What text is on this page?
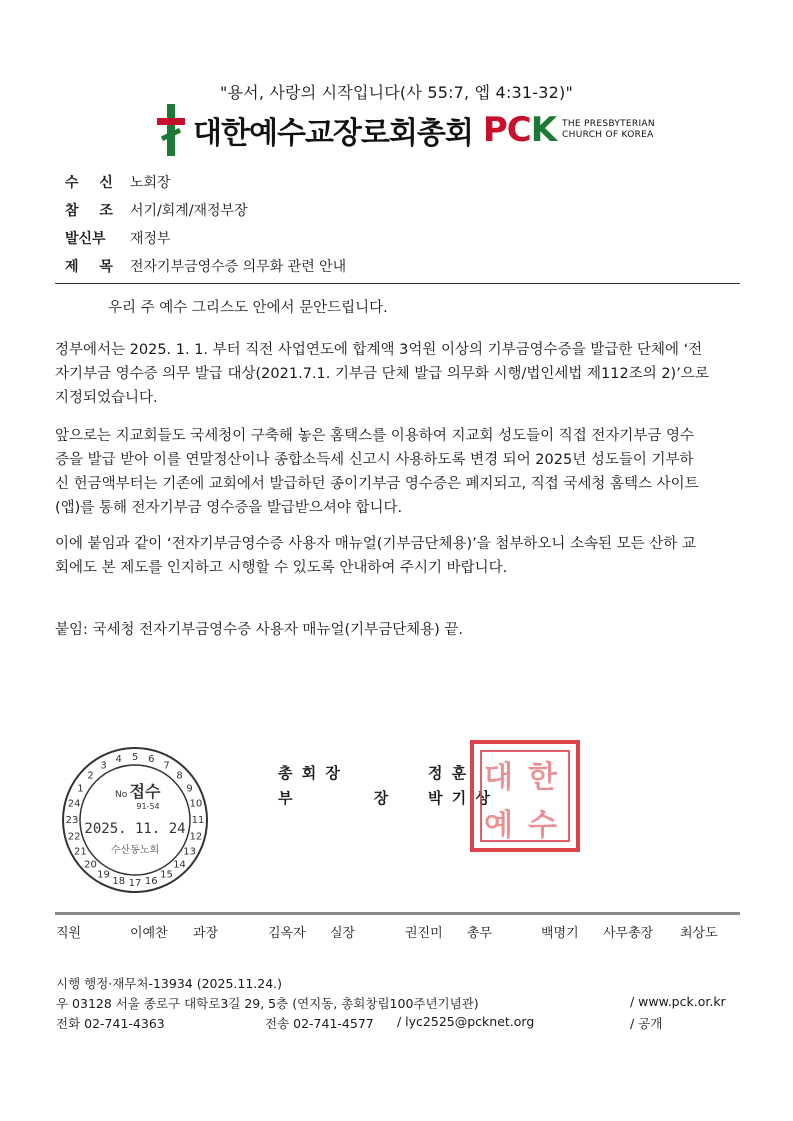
"용서, 사랑의 시작입니다(사 55:7, 엡 4:31-32)"
대한예수교장로회총회 PCK THE PRESBYTERIAN
CHURCH OF KOREA
수 신 노회장
참 조 서기/회계/재정부장
발신부	재정부
제 목 전자기부금영수증 의무화 관련 안내
우리 주 예수 그리스도 안에서 문안드립니다.
정부에서는 2025. 1. 1. 부터 직전 사업연도에 합계액 3억원 이상의 기부금영수증을 발급한 단체에 ‘전
자기부금 영수증 의무 발급 대상(2021.7.1. 기부금 단체 발급 의무화 시행/법인세법 제112조의 2)’으로
지정되었습니다.
앞으로는 지교회들도 국세청이 구축해 놓은 홈택스를 이용하여 지교회 성도들이 직접 전자기부금 영수
증을 발급 받아 이를 연말정산이나 종합소득세 신고시 사용하도록 변경 되어 2025년 성도들이 기부하
신 헌금액부터는 기존에 교회에서 발급하던 종이기부금 영수증은 폐지되고, 직접 국세청 홈텍스 사이트
(앱)를 통해 전자기부금 영수증을 발급받으셔야 합니다.
이에 붙임과 같이 ‘전자기부금영수증 사용자 매뉴얼(기부금단체용)’을 첨부하오니 소속된 모든 산하 교
회에도 본 제도를 인지하고 시행할 수 있도록 안내하여 주시기 바랍니다.
붙임: 국세청 전자기부금영수증 사용자 매뉴얼(기부금단체용) 끝.
1
2
3
4 5 6
7
8
9
10
11
12
13
14
15
16
17
18
19
20
21
22
23
24
No 접수
91-54
2025. 11. 24
수산동노회
총 회 장	정 훈
부 장 박 기 상
대 한
예 수
직원	이예찬 과장	김옥자 실장	권진미 총무	백명기 사무총장 최상도
시행 행정·재무처-13934 (2025.11.24.)
우 03128 서울 종로구 대학로3길 29, 5층 (연지동, 총회창립100주년기념관)	/ www.pck.or.kr
전화 02-741-4363	전송 02-741-4577 / lyc2525@pcknet.org	/ 공개
